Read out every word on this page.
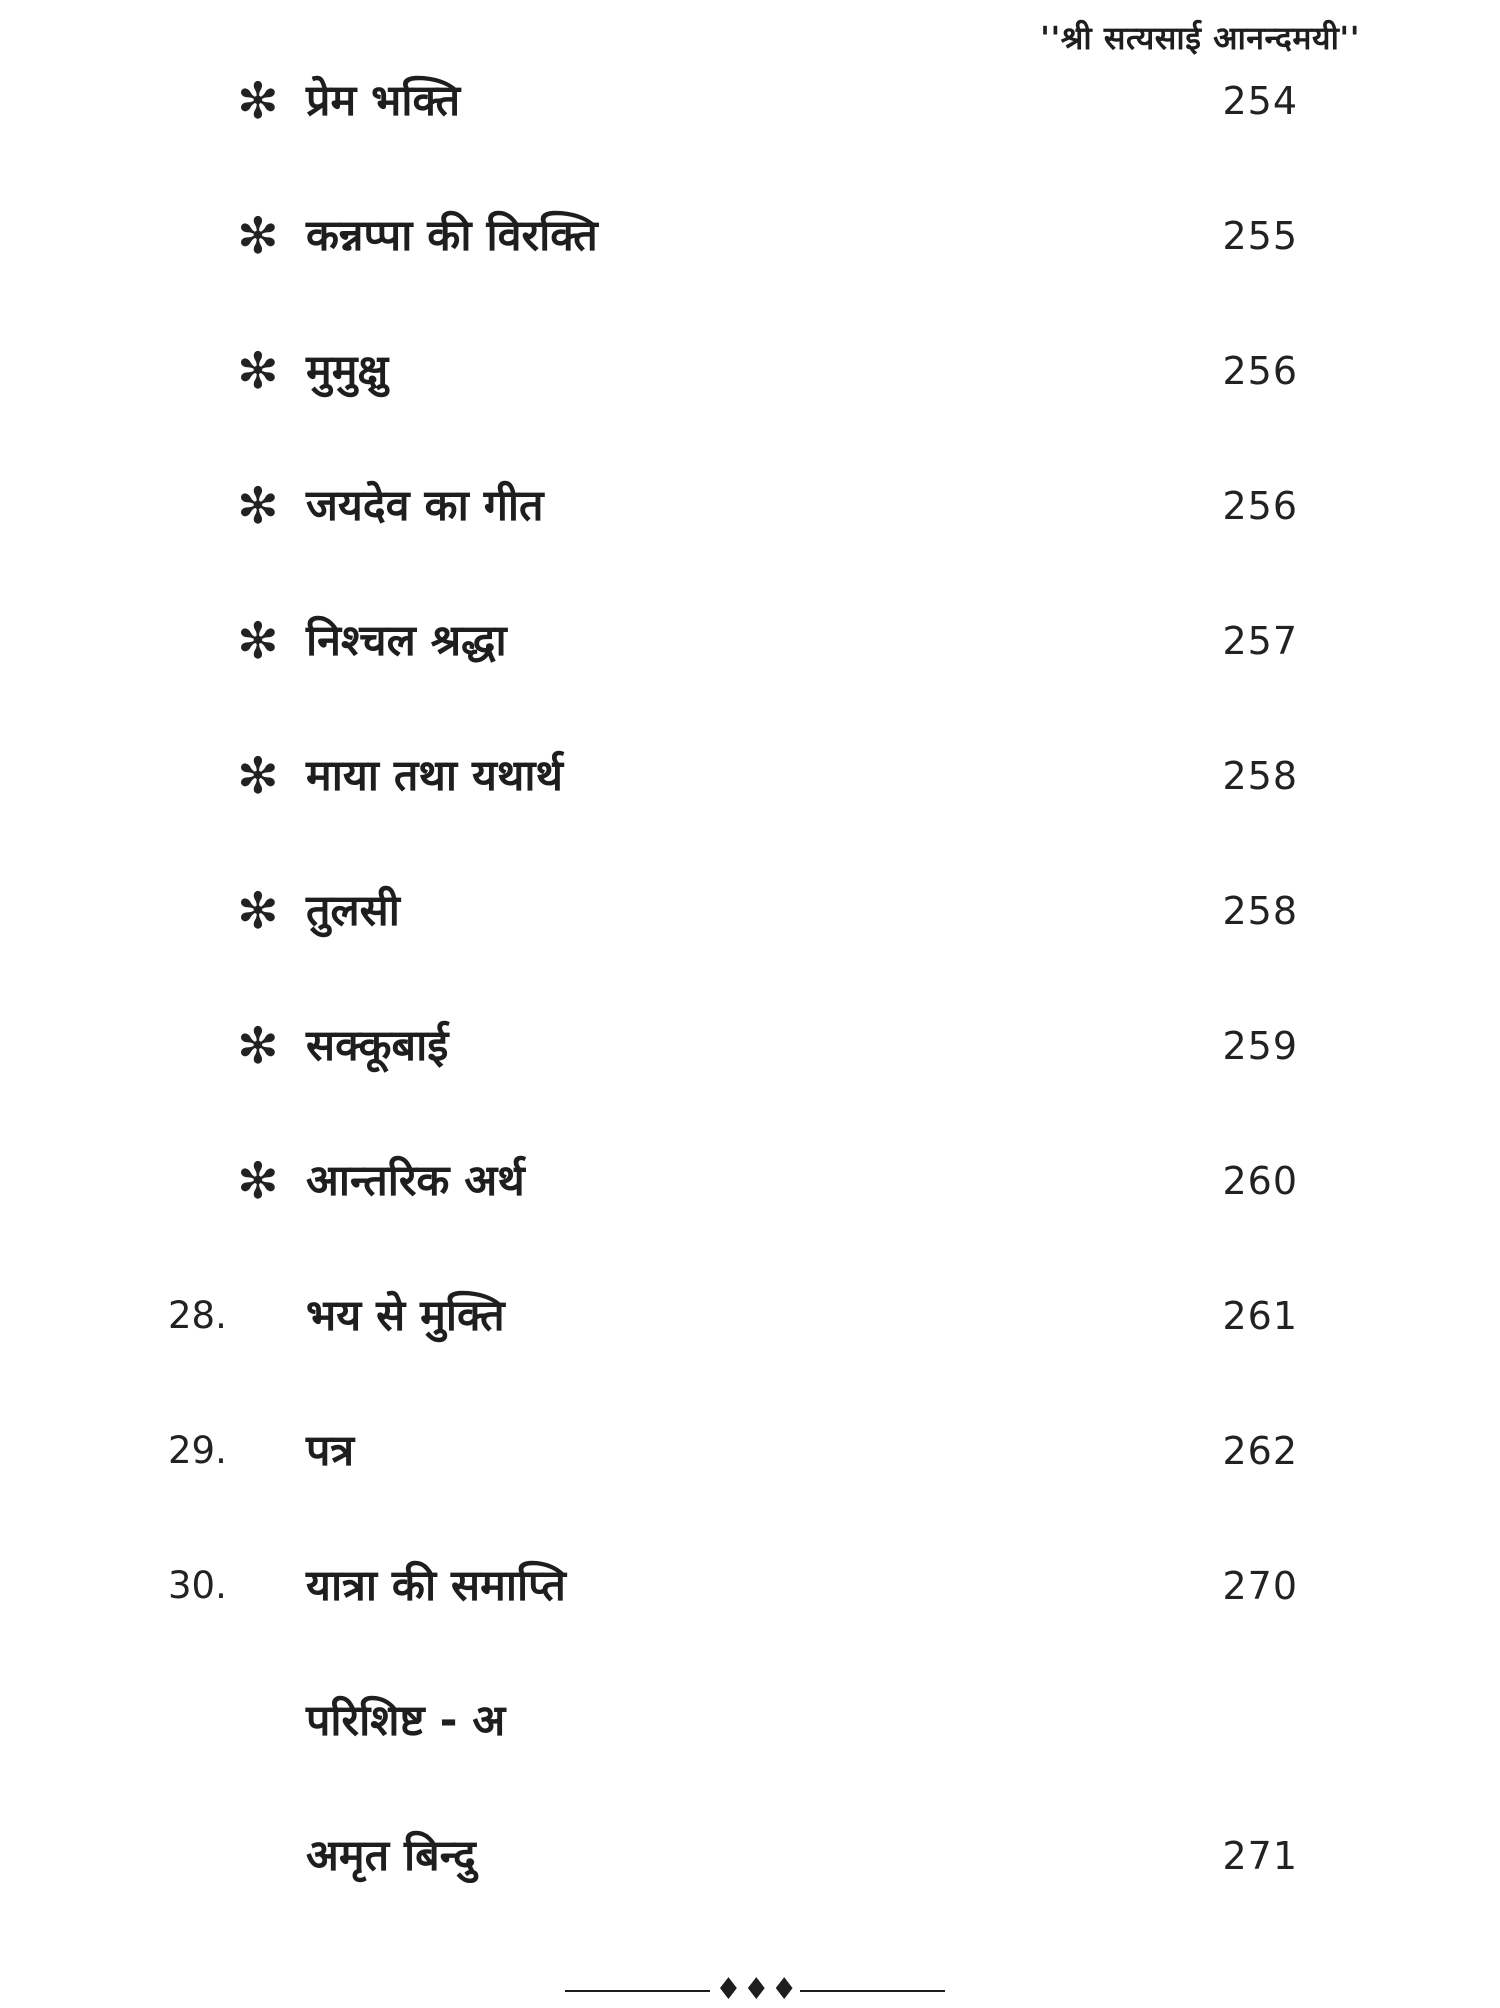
''श्री सत्यसाई आनन्दमयी''
✻ प्रेम भक्ति	254
✻ कन्नप्पा की विरक्ति	255
✻ मुमुक्षु	256
✻ जयदेव का गीत	256
✻ निश्चल श्रद्धा	257
✻ माया तथा यथार्थ	258
✻ तुलसी	258
✻ सक्कूबाई	259
✻ आन्तरिक अर्थ	260
28.	भय से मुक्ति	261
29.	पत्र	262
30.	यात्रा की समाप्ति	270
परिशिष्ट - अ
अमृत बिन्दु	271
♦♦♦
